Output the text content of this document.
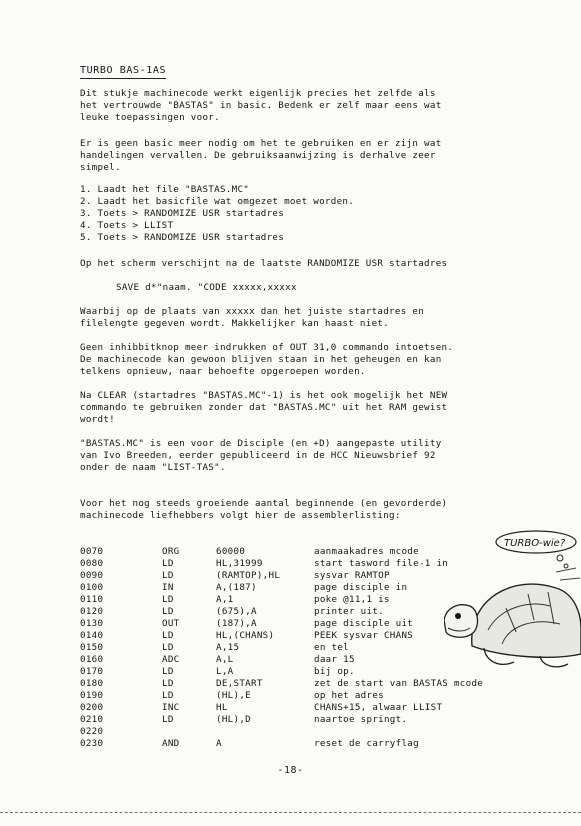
TURBO BAS-1AS

Dit stukje machinecode werkt eigenlijk precies het zelfde als
het vertrouwde "BASTAS" in basic. Bedenk er zelf maar eens wat
leuke toepassingen voor.

Er is geen basic meer nodig om het te gebruiken en er zijn wat
handelingen vervallen. De gebruiksaanwijzing is derhalve zeer
simpel.

1. Laadt het file "BASTAS.MC"
2. Laadt het basicfile wat omgezet moet worden.
3. Toets > RANDOMIZE USR startadres
4. Toets > LLIST
5. Toets > RANDOMIZE USR startadres

Op het scherm verschijnt na de laatste RANDOMIZE USR startadres

SAVE d*"naam. "CODE xxxxx,xxxxx

Waarbij op de plaats van xxxxx dan het juiste startadres en
filelengte gegeven wordt. Makkelijker kan haast niet.

Geen inhibbitknop meer indrukken of OUT 31,0 commando intoetsen.
De machinecode kan gewoon blijven staan in het geheugen en kan
telkens opnieuw, naar behoefte opgeroepen worden.

Na CLEAR (startadres "BASTAS.MC"-1) is het ook mogelijk het NEW
commando te gebruiken zonder dat "BASTAS.MC" uit het RAM gewist
wordt!

"BASTAS.MC" is een voor de Disciple (en +D) aangepaste utility
van Ivo Breeden, eerder gepubliceerd in de HCC Nieuwsbrief 92
onder de naam "LIST-TAS".

Voor het nog steeds groeiende aantal beginnende (en gevorderde)
machinecode liefhebbers volgt hier de assemblerlisting:

0070	ORG	60000	aanmaakadres mcode
0080	LD	HL,31999	start tasword file-1 in
0090	LD	(RAMTOP),HL	sysvar RAMTOP
0100	IN	A,(187)	page disciple in
0110	LD	A,1	poke @11,1 is
0120	LD	(675),A	printer uit.
0130	OUT	(187),A	page disciple uit
0140	LD	HL,(CHANS)	PEEK sysvar CHANS
0150	LD	A,15	en tel
0160	ADC	A,L	daar 15
0170	LD	L,A	bij op.
0180	LD	DE,START	zet de start van BASTAS mcode
0190	LD	(HL),E	op het adres
0200	INC	HL	CHANS+15, alwaar LLIST
0210	LD	(HL),D	naartoe springt.
0220
0230	AND	A	reset de carryflag
TURBO-wie?
-18-
